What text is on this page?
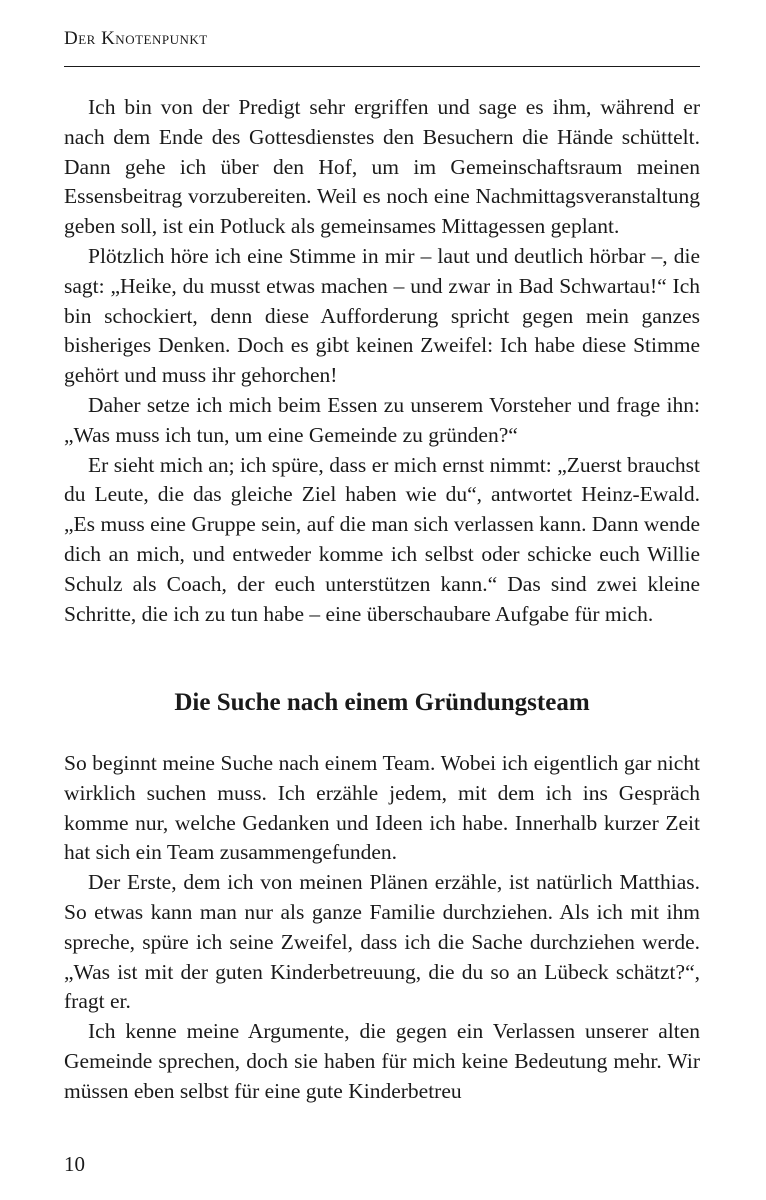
Der Knotenpunkt

Ich bin von der Predigt sehr ergriffen und sage es ihm, während er nach dem Ende des Gottesdienstes den Besuchern die Hände schüttelt. Dann gehe ich über den Hof, um im Gemeinschaftsraum meinen Essensbeitrag vorzubereiten. Weil es noch eine Nachmittagsveranstaltung geben soll, ist ein Potluck als gemeinsames Mittagessen geplant.

Plötzlich höre ich eine Stimme in mir – laut und deutlich hörbar –, die sagt: „Heike, du musst etwas machen – und zwar in Bad Schwartau!“ Ich bin schockiert, denn diese Aufforderung spricht gegen mein ganzes bisheriges Denken. Doch es gibt keinen Zweifel: Ich habe diese Stimme gehört und muss ihr gehorchen!

Daher setze ich mich beim Essen zu unserem Vorsteher und frage ihn: „Was muss ich tun, um eine Gemeinde zu gründen?“

Er sieht mich an; ich spüre, dass er mich ernst nimmt: „Zuerst brauchst du Leute, die das gleiche Ziel haben wie du“, antwortet Heinz-Ewald. „Es muss eine Gruppe sein, auf die man sich verlassen kann. Dann wende dich an mich, und entweder komme ich selbst oder schicke euch Willie Schulz als Coach, der euch unterstützen kann.“ Das sind zwei kleine Schritte, die ich zu tun habe – eine überschaubare Aufgabe für mich.

Die Suche nach einem Gründungsteam

So beginnt meine Suche nach einem Team. Wobei ich eigentlich gar nicht wirklich suchen muss. Ich erzähle jedem, mit dem ich ins Gespräch komme nur, welche Gedanken und Ideen ich habe. Innerhalb kurzer Zeit hat sich ein Team zusammengefunden.

Der Erste, dem ich von meinen Plänen erzähle, ist natürlich Matthias. So etwas kann man nur als ganze Familie durchziehen. Als ich mit ihm spreche, spüre ich seine Zweifel, dass ich die Sache durchziehen werde. „Was ist mit der guten Kinderbetreuung, die du so an Lübeck schätzt?“, fragt er.

Ich kenne meine Argumente, die gegen ein Verlassen unserer alten Gemeinde sprechen, doch sie haben für mich keine Bedeutung mehr. Wir müssen eben selbst für eine gute Kinderbetreu

10
